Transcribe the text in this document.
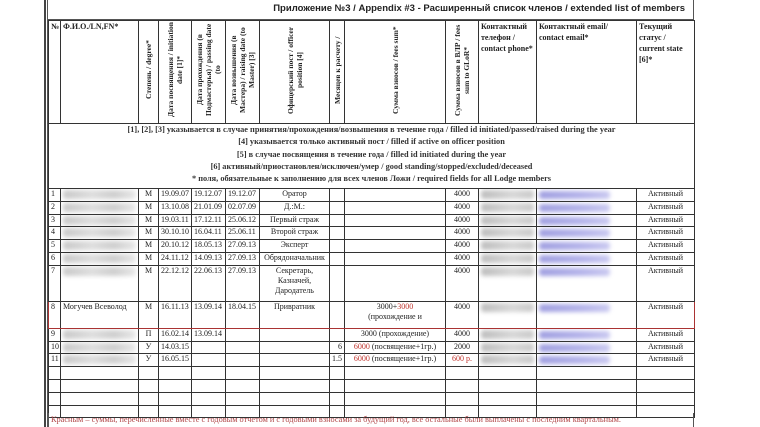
Приложение №3 / Appendix #3 - Расширенный список членов / extended list of members
№	Ф.И.О./LN,FN*	Степень / degree*	Дата посвящения / initiation date [1]*	Дата прохождения (в Подмастерья) / passing date (to	Дата возвышения (в Мастера) / raising date (to Master) [3]	Офицерский пост / officer position [4]	Месяцев к расчету /	Сумма взносов / fees sum*	Сумма взносов в ВЛР / fees sum to GLoR*	Контактный телефон / contact phone*	Контактный email/ contact email*	Текущий статус / current state [6]*

[1], [2], [3] указывается в случае принятия/прохождения/возвышения в течение года / filled id initiated/passed/raised during the year
[4] указывается только активный пост / filled if active on officer position
[5] в случае посвящения в течение года / filled id initiated during the year
[6] активный/приостановлен/исключен/умер / good standing/stopped/excluded/deceased
* поля, обязательные к заполнению для всех членов Ложи / required fields for all Lodge members												

1		М	19.09.07	19.12.07	19.12.07	Оратор			4000			Активный
2		М	13.10.08	21.01.09	02.07.09	Д.:М.:			4000			Активный
3		М	19.03.11	17.12.11	25.06.12	Первый страж			4000			Активный
4		М	30.10.10	16.04.11	25.06.11	Второй страж			4000			Активный
5		М	20.10.12	18.05.13	27.09.13	Эксперт			4000			Активный
6		М	24.11.12	14.09.13	27.09.13	Обрядоначальник			4000			Активный
7		М	22.12.12	22.06.13	27.09.13	Секретарь, Казначей, Дародатель			4000			Активный
8	Могучев Всеволод	М	16.11.13	13.09.14	18.04.15	Привратник		3000+3000
(прохождение и	4000			Активный
9		П	16.02.14	13.09.14				3000 (прохождение)	4000			Активный
10		У	14.03.15				6	6000 (посвящение+1гр.)	2000			Активный
11		У	16.05.15				1.5	6000 (посвящение+1гр.)	600 р.			Активный

Красным – суммы, перечисленные вместе с годовым отчетом и с годовыми взносами за будущий год, все остальные были выплачены с последним квартальным.
